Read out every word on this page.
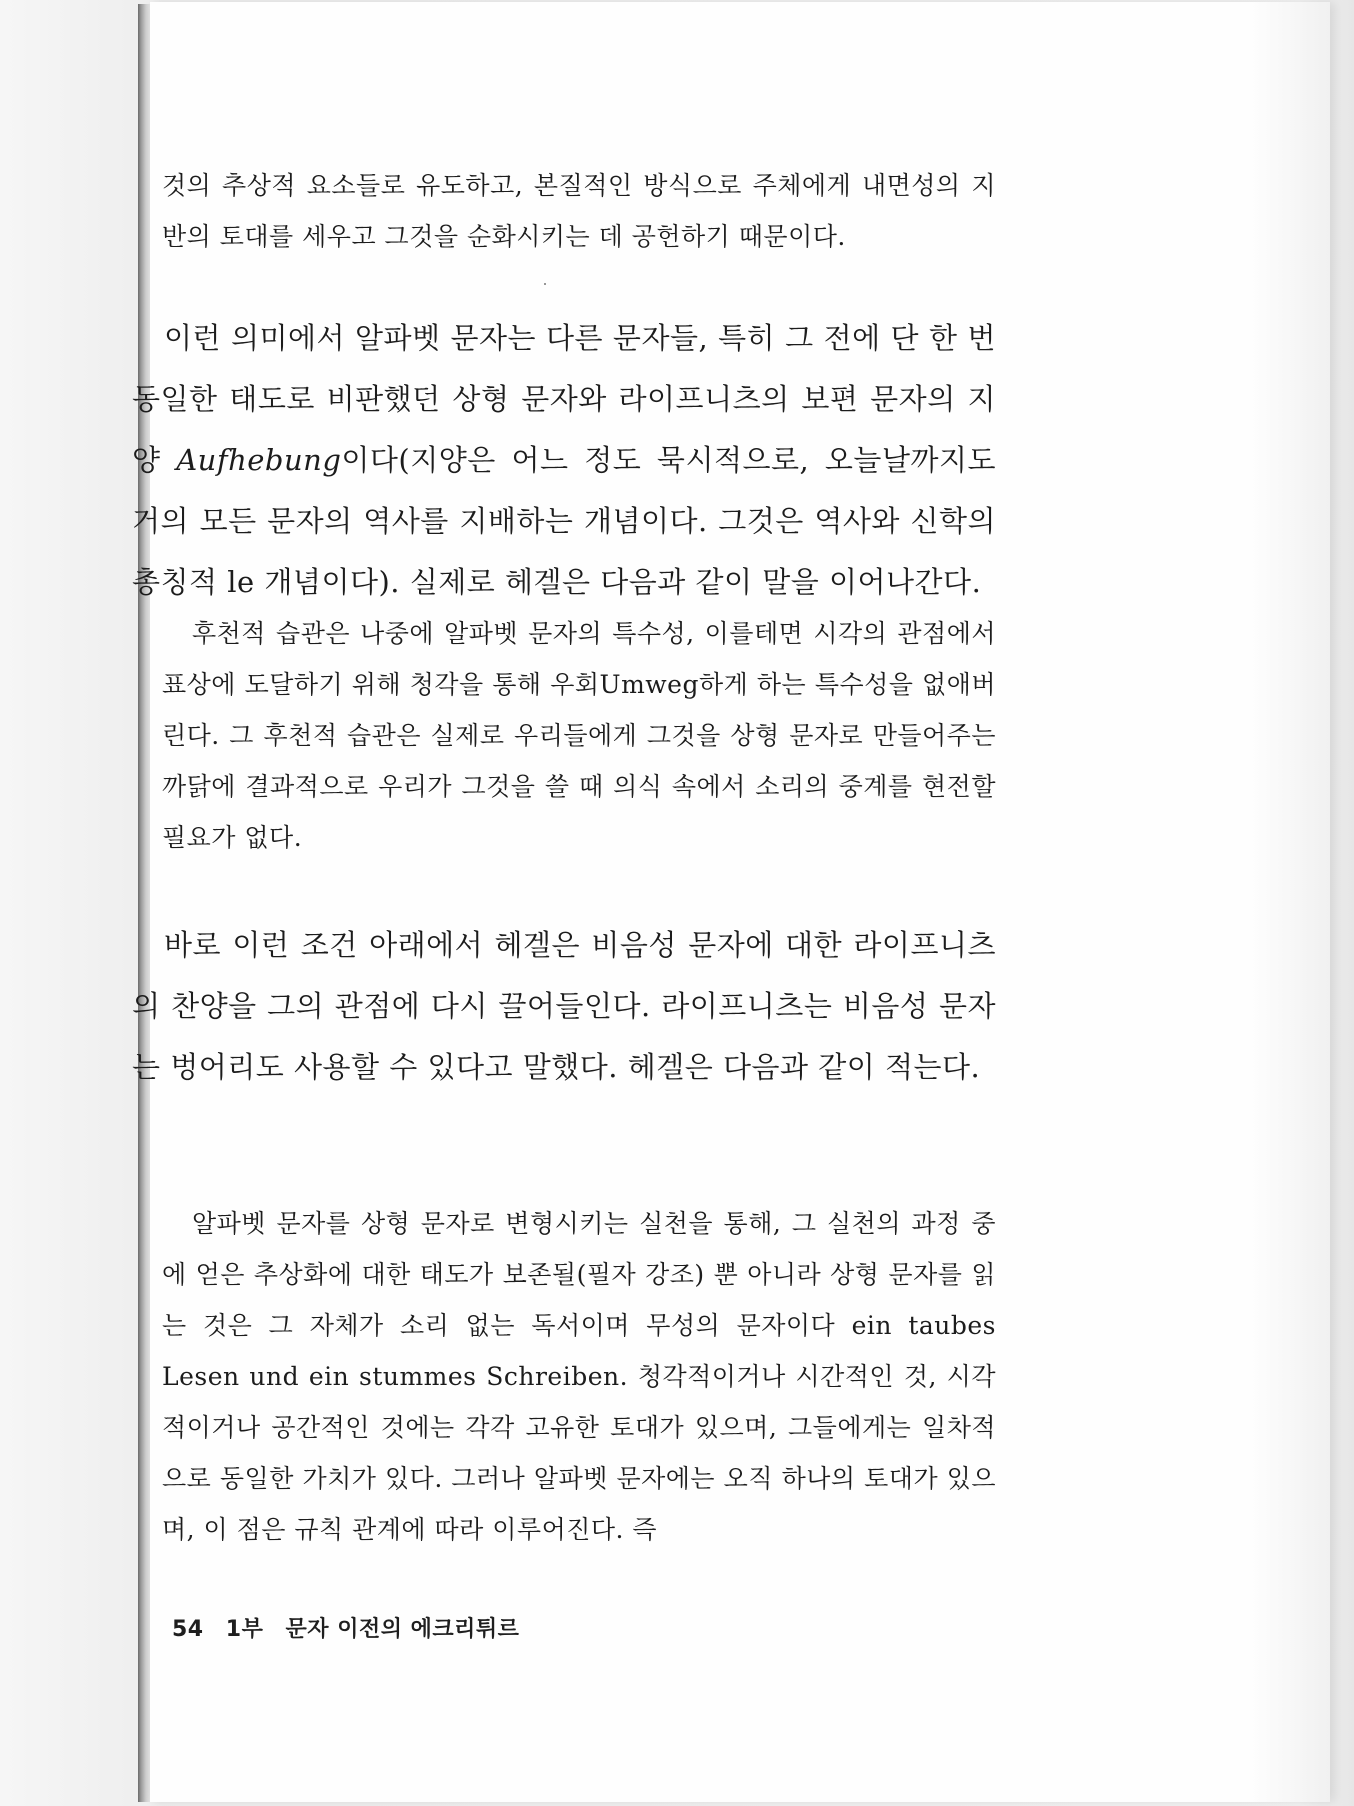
것의 추상적 요소들로 유도하고, 본질적인 방식으로 주체에게 내면성의 지반의 토대를 세우고 그것을 순화시키는 데 공헌하기 때문이다.

이런 의미에서 알파벳 문자는 다른 문자들, 특히 그 전에 단 한 번 동일한 태도로 비판했던 상형 문자와 라이프니츠의 보편 문자의 지양 Aufhebung이다(지양은 어느 정도 묵시적으로, 오늘날까지도 거의 모든 문자의 역사를 지배하는 개념이다. 그것은 역사와 신학의 총칭적 le 개념이다). 실제로 헤겔은 다음과 같이 말을 이어나간다.

후천적 습관은 나중에 알파벳 문자의 특수성, 이를테면 시각의 관점에서 표상에 도달하기 위해 청각을 통해 우회Umweg하게 하는 특수성을 없애버린다. 그 후천적 습관은 실제로 우리들에게 그것을 상형 문자로 만들어주는 까닭에 결과적으로 우리가 그것을 쓸 때 의식 속에서 소리의 중계를 현전할 필요가 없다.

바로 이런 조건 아래에서 헤겔은 비음성 문자에 대한 라이프니츠의 찬양을 그의 관점에 다시 끌어들인다. 라이프니츠는 비음성 문자는 벙어리도 사용할 수 있다고 말했다. 헤겔은 다음과 같이 적는다.

알파벳 문자를 상형 문자로 변형시키는 실천을 통해, 그 실천의 과정 중에 얻은 추상화에 대한 태도가 보존될(필자 강조) 뿐 아니라 상형 문자를 읽는 것은 그 자체가 소리 없는 독서이며 무성의 문자이다 ein taubes Lesen und ein stummes Schreiben. 청각적이거나 시간적인 것, 시각적이거나 공간적인 것에는 각각 고유한 토대가 있으며, 그들에게는 일차적으로 동일한 가치가 있다. 그러나 알파벳 문자에는 오직 하나의 토대가 있으며, 이 점은 규칙 관계에 따라 이루어진다. 즉

54 1부 문자 이전의 에크리튀르
